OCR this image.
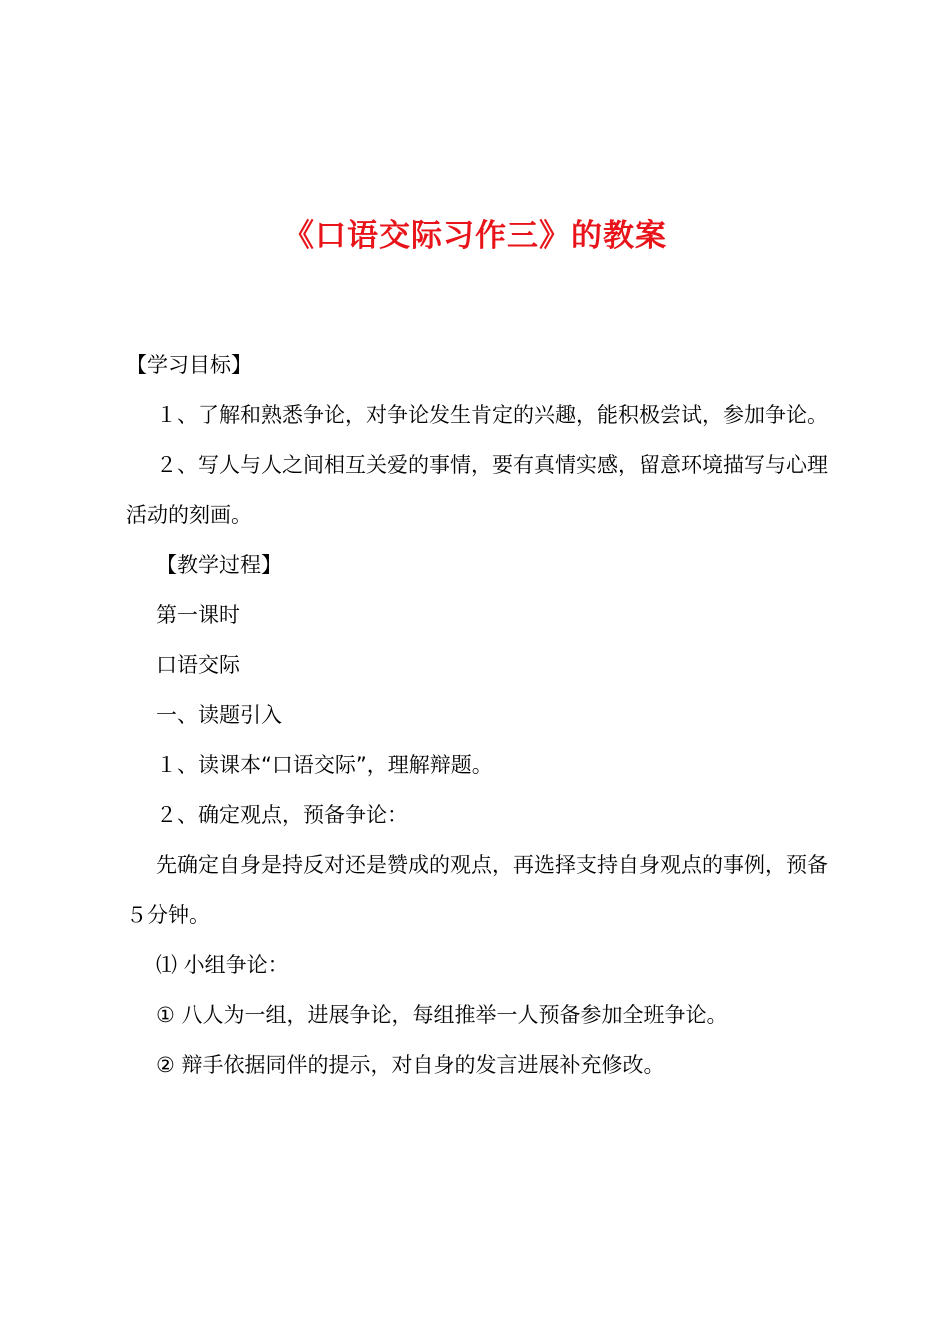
《口语交际习作三》的教案

【学习目标】

１、了解和熟悉争论，对争论发生肯定的兴趣，能积极尝试，参加争论。

２、写人与人之间相互关爱的事情，要有真情实感，留意环境描写与心理活动的刻画。

【教学过程】

第一课时

口语交际

一、读题引入

１、读课本“口语交际”，理解辩题。

２、确定观点，预备争论：

先确定自身是持反对还是赞成的观点，再选择支持自身观点的事例，预备５分钟。

⑴ 小组争论：

① 八人为一组，进展争论，每组推举一人预备参加全班争论。

② 辩手依据同伴的提示，对自身的发言进展补充修改。
